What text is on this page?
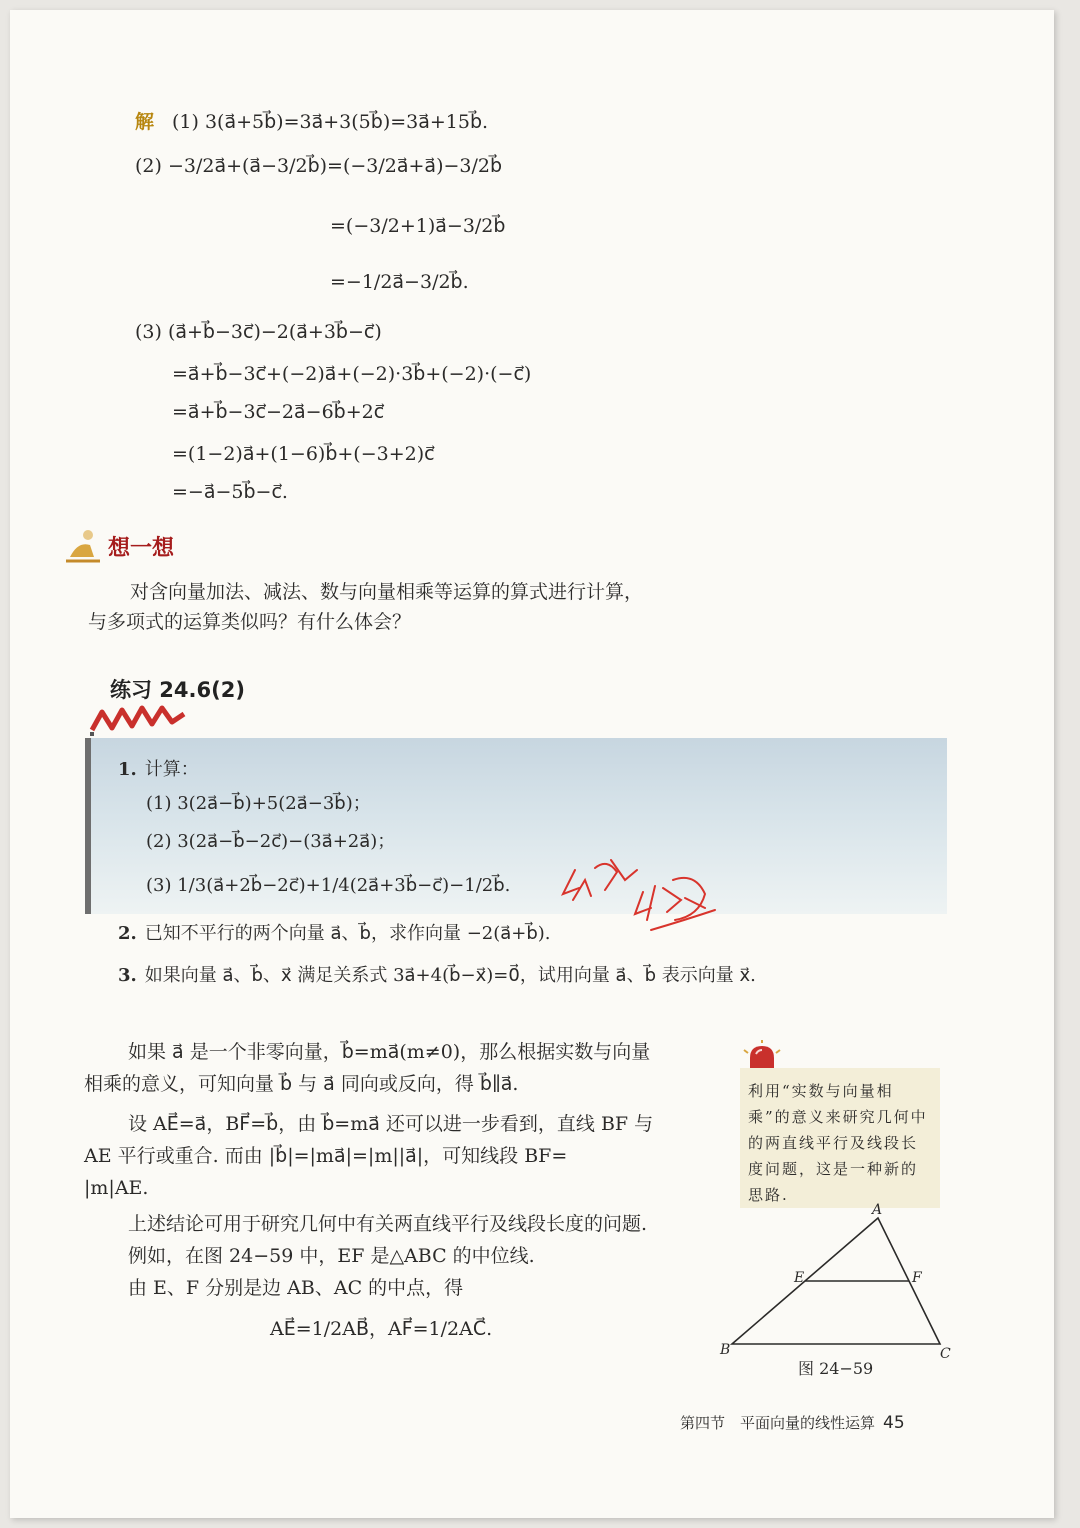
解 (1) 3(a⃗+5b⃗)=3a⃗+3(5b⃗)=3a⃗+15b⃗.
(2) −3/2a⃗+(a⃗−3/2b⃗)=(−3/2a⃗+a⃗)−3/2b⃗
=(−3/2+1)a⃗−3/2b⃗
=−1/2a⃗−3/2b⃗.
(3) (a⃗+b⃗−3c⃗)−2(a⃗+3b⃗−c⃗)
=a⃗+b⃗−3c⃗+(−2)a⃗+(−2)·3b⃗+(−2)·(−c⃗)
=a⃗+b⃗−3c⃗−2a⃗−6b⃗+2c⃗
=(1−2)a⃗+(1−6)b⃗+(−3+2)c⃗
=−a⃗−5b⃗−c⃗.
想一想
对含向量加法、减法、数与向量相乘等运算的算式进行计算，
与多项式的运算类似吗？有什么体会？
练习 24.6(2)
1. 计算：
(1) 3(2a⃗−b⃗)+5(2a⃗−3b⃗)；
(2) 3(2a⃗−b⃗−2c⃗)−(3a⃗+2a⃗)；
(3) 1/3(a⃗+2b⃗−2c⃗)+1/4(2a⃗+3b⃗−c⃗)−1/2b⃗.
2. 已知不平行的两个向量 a⃗、b⃗，求作向量 −2(a⃗+b⃗).
3. 如果向量 a⃗、b⃗、x⃗ 满足关系式 3a⃗+4(b⃗−x⃗)=0⃗，试用向量 a⃗、b⃗ 表示向量 x⃗.
如果 a⃗ 是一个非零向量，b⃗=ma⃗(m≠0)，那么根据实数与向量
相乘的意义，可知向量 b⃗ 与 a⃗ 同向或反向，得 b⃗∥a⃗.
设 AE⃗=a⃗，BF⃗=b⃗，由 b⃗=ma⃗ 还可以进一步看到，直线 BF 与
AE 平行或重合. 而由 |b⃗|=|ma⃗|=|m||a⃗|，可知线段 BF=
|m|AE.
上述结论可用于研究几何中有关两直线平行及线段长度的问题.
例如，在图 24−59 中，EF 是△ABC 的中位线.
由 E、F 分别是边 AB、AC 的中点，得
AE⃗=1/2AB⃗，AF⃗=1/2AC⃗.
利用“实数与向量相乘”的意义来研究几何中的两直线平行及线段长度问题，这是一种新的思路.
A
B	C
E	F
图 24−59
第四节　平面向量的线性运算 45
